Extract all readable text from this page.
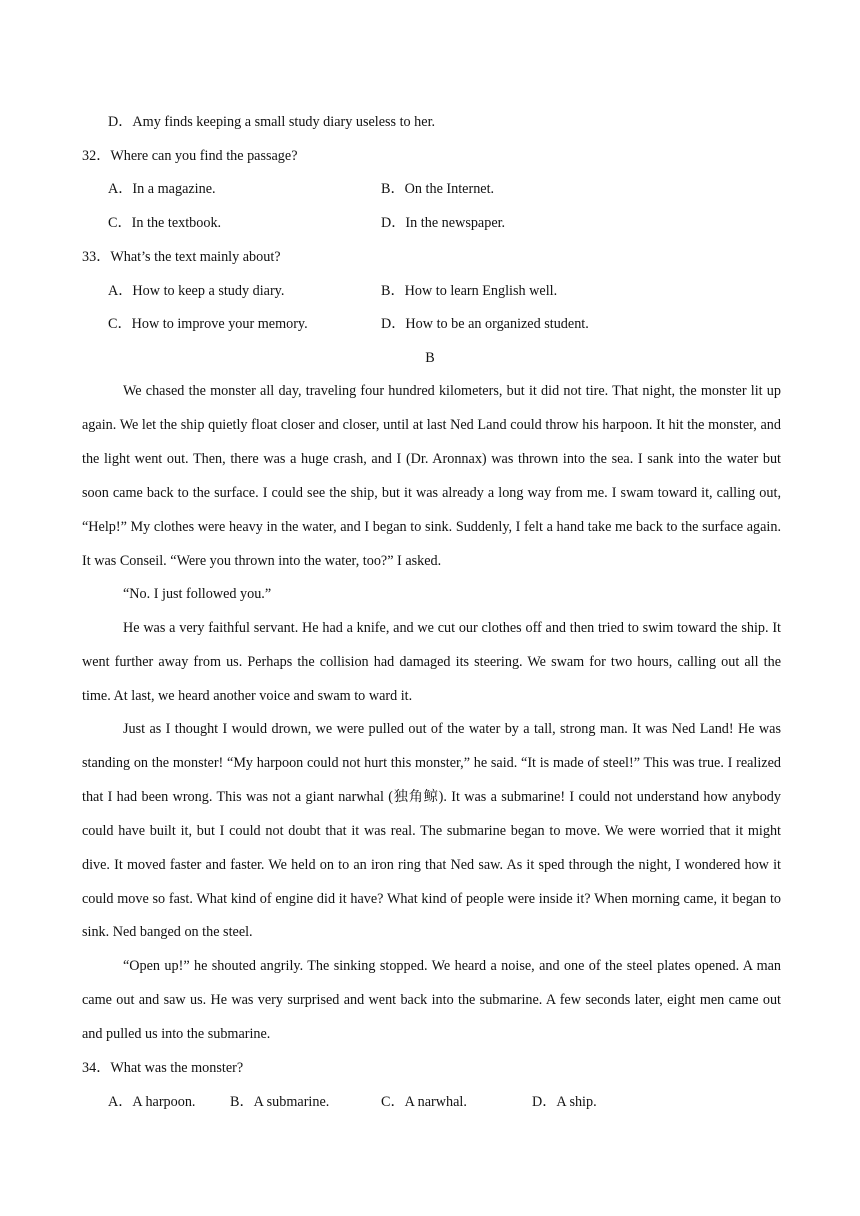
D．Amy finds keeping a small study diary useless to her.
32．Where can you find the passage?
A．In a magazine.	B．On the Internet.
C．In the textbook.	D．In the newspaper.
33．What’s the text mainly about?
A．How to keep a study diary.	B．How to learn English well.
C．How to improve your memory.	D．How to be an organized student.
B

We chased the monster all day, traveling four hundred kilometers, but it did not tire. That night, the monster lit up again. We let the ship quietly float closer and closer, until at last Ned Land could throw his harpoon. It hit the monster, and the light went out. Then, there was a huge crash, and I (Dr. Aronnax) was thrown into the sea. I sank into the water but soon came back to the surface. I could see the ship, but it was already a long way from me. I swam toward it, calling out, “Help!” My clothes were heavy in the water, and I began to sink. Suddenly, I felt a hand take me back to the surface again. It was Conseil. “Were you thrown into the water, too?” I asked.

“No. I just followed you.”

He was a very faithful servant. He had a knife, and we cut our clothes off and then tried to swim toward the ship. It went further away from us. Perhaps the collision had damaged its steering. We swam for two hours, calling out all the time. At last, we heard another voice and swam to ward it.

Just as I thought I would drown, we were pulled out of the water by a tall, strong man. It was Ned Land! He was standing on the monster! “My harpoon could not hurt this monster,” he said. “It is made of steel!” This was true. I realized that I had been wrong. This was not a giant narwhal (独角鲸). It was a submarine! I could not understand how anybody could have built it, but I could not doubt that it was real. The submarine began to move. We were worried that it might dive. It moved faster and faster. We held on to an iron ring that Ned saw. As it sped through the night, I wondered how it could move so fast. What kind of engine did it have? What kind of people were inside it? When morning came, it began to sink. Ned banged on the steel.

“Open up!” he shouted angrily. The sinking stopped. We heard a noise, and one of the steel plates opened. A man came out and saw us. He was very surprised and went back into the submarine. A few seconds later, eight men came out and pulled us into the submarine.

34．What was the monster?
A．A harpoon. B．A submarine.	C．A narwhal.	D．A ship.
